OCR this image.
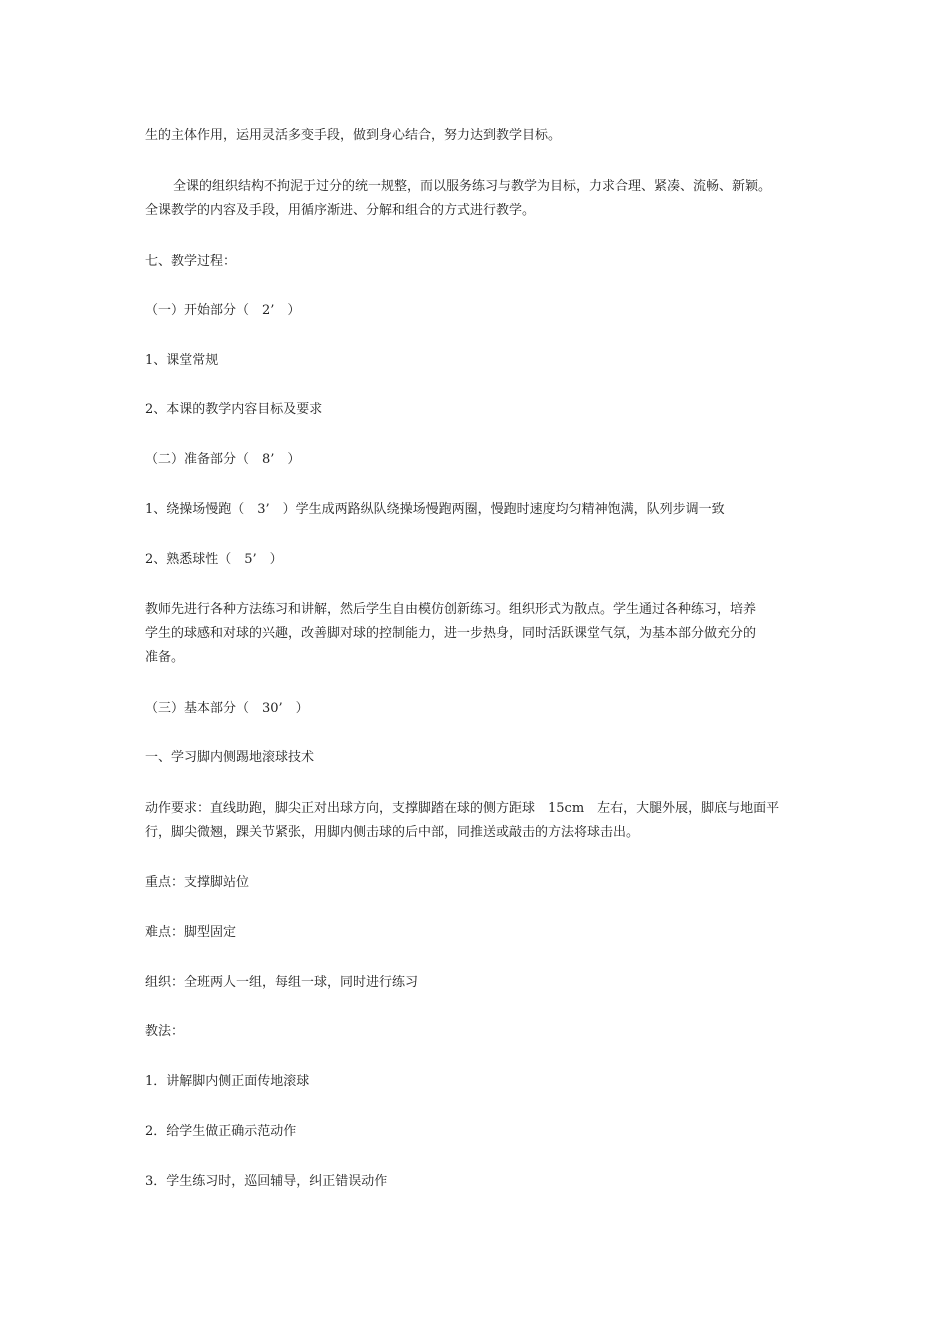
生的主体作用，运用灵活多变手段，做到身心结合，努力达到教学目标。
全课的组织结构不拘泥于过分的统一规整，而以服务练习与教学为目标，力求合理、紧凑、流畅、新颖。
全课教学的内容及手段，用循序渐进、分解和组合的方式进行教学。
七、教学过程：
（一）开始部分（　2’　）
1、课堂常规
2、本课的教学内容目标及要求
（二）准备部分（　8’　）
1、绕操场慢跑（　3’　）学生成两路纵队绕操场慢跑两圈，慢跑时速度均匀精神饱满，队列步调一致
2、熟悉球性（　5’　）
教师先进行各种方法练习和讲解，然后学生自由模仿创新练习。组织形式为散点。学生通过各种练习，培养
学生的球感和对球的兴趣，改善脚对球的控制能力，进一步热身，同时活跃课堂气氛，为基本部分做充分的
准备。
（三）基本部分（　30’　）
一、学习脚内侧踢地滚球技术
动作要求：直线助跑，脚尖正对出球方向，支撑脚踏在球的侧方距球　15cm　左右，大腿外展，脚底与地面平
行，脚尖微翘，踝关节紧张，用脚内侧击球的后中部，同推送或敲击的方法将球击出。
重点：支撑脚站位
难点：脚型固定
组织：全班两人一组，每组一球，同时进行练习
教法：
1．讲解脚内侧正面传地滚球
2．给学生做正确示范动作
3．学生练习时，巡回辅导，纠正错误动作
